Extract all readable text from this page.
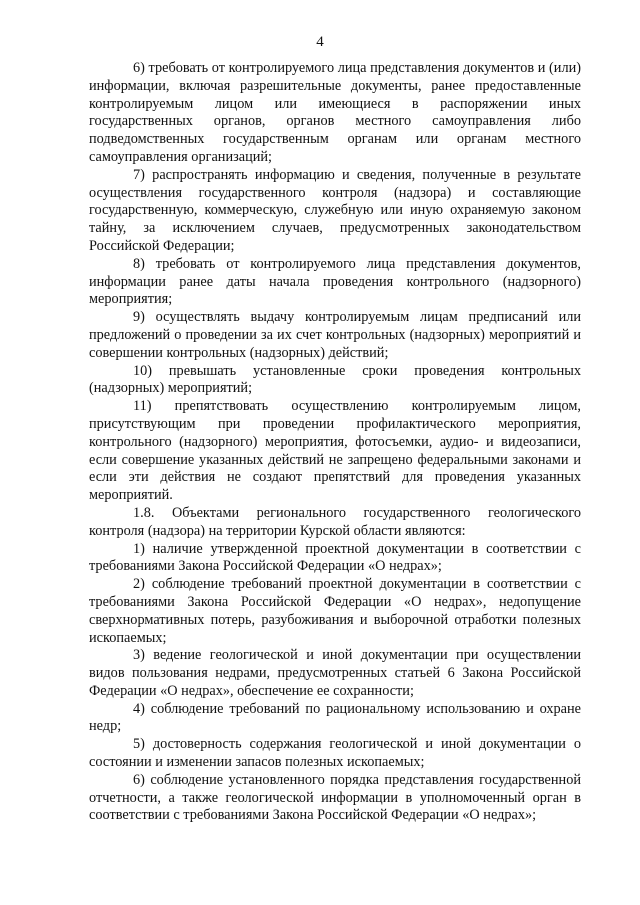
4

6) требовать от контролируемого лица представления документов и (или) информации, включая разрешительные документы, ранее предоставленные контролируемым лицом или имеющиеся в распоряжении иных государственных органов, органов местного самоуправления либо подведомственных государственным органам или органам местного самоуправления организаций;

7) распространять информацию и сведения, полученные в результате осуществления государственного контроля (надзора) и составляющие государственную, коммерческую, служебную или иную охраняемую законом тайну, за исключением случаев, предусмотренных законодательством Российской Федерации;

8) требовать от контролируемого лица представления документов, информации ранее даты начала проведения контрольного (надзорного) мероприятия;

9) осуществлять выдачу контролируемым лицам предписаний или предложений о проведении за их счет контрольных (надзорных) мероприятий и совершении контрольных (надзорных) действий;

10) превышать установленные сроки проведения контрольных (надзорных) мероприятий;

11) препятствовать осуществлению контролируемым лицом, присутствующим при проведении профилактического мероприятия, контрольного (надзорного) мероприятия, фотосъемки, аудио- и видеозаписи, если совершение указанных действий не запрещено федеральными законами и если эти действия не создают препятствий для проведения указанных мероприятий.

1.8. Объектами регионального государственного геологического контроля (надзора) на территории Курской области являются:

1) наличие утвержденной проектной документации в соответствии с требованиями Закона Российской Федерации «О недрах»;

2) соблюдение требований проектной документации в соответствии с требованиями Закона Российской Федерации «О недрах», недопущение сверхнормативных потерь, разубоживания и выборочной отработки полезных ископаемых;

3) ведение геологической и иной документации при осуществлении видов пользования недрами, предусмотренных статьей 6 Закона Российской Федерации «О недрах», обеспечение ее сохранности;

4) соблюдение требований по рациональному использованию и охране недр;

5) достоверность содержания геологической и иной документации о состоянии и изменении запасов полезных ископаемых;

6) соблюдение установленного порядка представления государственной отчетности, а также геологической информации в уполномоченный орган в соответствии с требованиями Закона Российской Федерации «О недрах»;
